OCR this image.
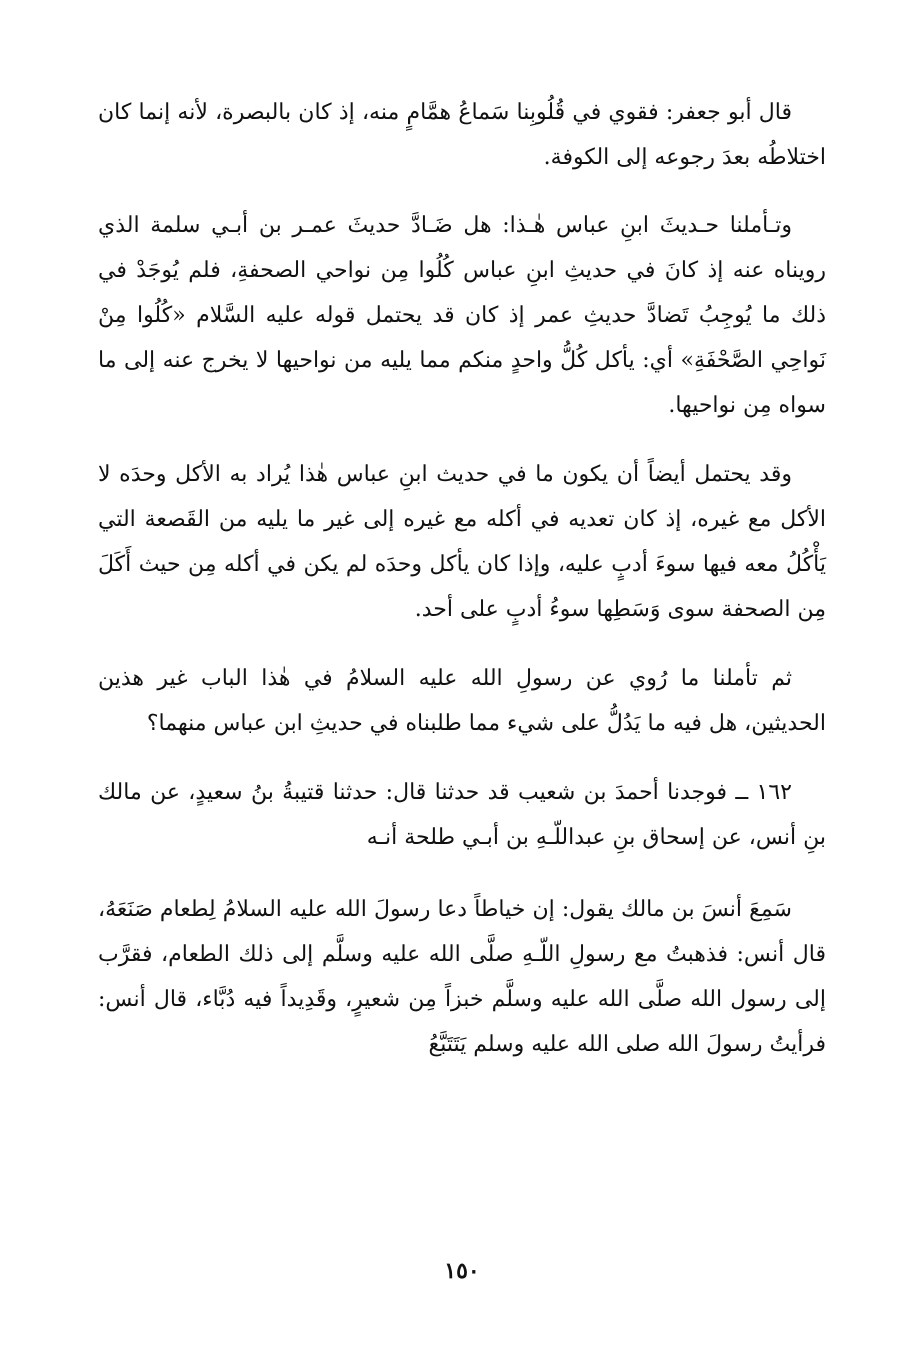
قال أبو جعفر: فقوي في قُلُوبِنا سَماعُ همَّامٍ منه، إذ كان بالبصرة، لأنه إنما كان اختلاطُه بعدَ رجوعه إلى الكوفة.

وتـأملنا حـديثَ ابنِ عباس هٰـذا: هل ضَـادَّ حديثَ عمـر بن أبـي سلمة الذي رويناه عنه إذ كانَ في حديثِ ابنِ عباس كُلُوا مِن نواحي الصحفةِ، فلم يُوجَدْ في ذلك ما يُوجِبُ تَضادَّ حديثِ عمر إذ كان قد يحتمل قوله عليه السَّلام «كُلُوا مِنْ نَواحِي الصَّحْفَةِ» أي: يأكل كُلُّ واحدٍ منكم مما يليه من نواحيها لا يخرج عنه إلى ما سواه مِن نواحيها.

وقد يحتمل أيضاً أن يكون ما في حديث ابنِ عباس هٰذا يُراد به الأكل وحدَه لا الأكل مع غيره، إذ كان تعديه في أكله مع غيره إلى غير ما يليه من القَصعة التي يَأْكُلُ معه فيها سوءَ أدبٍ عليه، وإذا كان يأكل وحدَه لم يكن في أكله مِن حيث أَكَلَ مِن الصحفة سوى وَسَطِها سوءُ أدبٍ على أحد.

ثم تأملنا ما رُوي عن رسولِ الله عليه السلامُ في هٰذا الباب غير هذين الحديثين، هل فيه ما يَدُلُّ على شيء مما طلبناه في حديثِ ابن عباس منهما؟

١٦٢ ــ فوجدنا أحمدَ بن شعيب قد حدثنا قال: حدثنا قتيبةُ بنُ سعيدٍ، عن مالك بنِ أنس، عن إسحاق بنِ عبداللّـهِ بن أبـي طلحة أنـه

سَمِعَ أنسَ بن مالك يقول: إن خياطاً دعا رسولَ الله عليه السلامُ لِطعام صَنَعَهُ، قال أنس: فذهبتُ مع رسولِ اللّـهِ صلَّى الله عليه وسلَّم إلى ذلك الطعام، فقرَّب إلى رسول الله صلَّى الله عليه وسلَّم خبزاً مِن شعيرٍ، وقَدِيداً فيه دُبَّاء، قال أنس: فرأيتُ رسولَ الله صلى الله عليه وسلم يَتَتَبَّعُ

١٥٠
